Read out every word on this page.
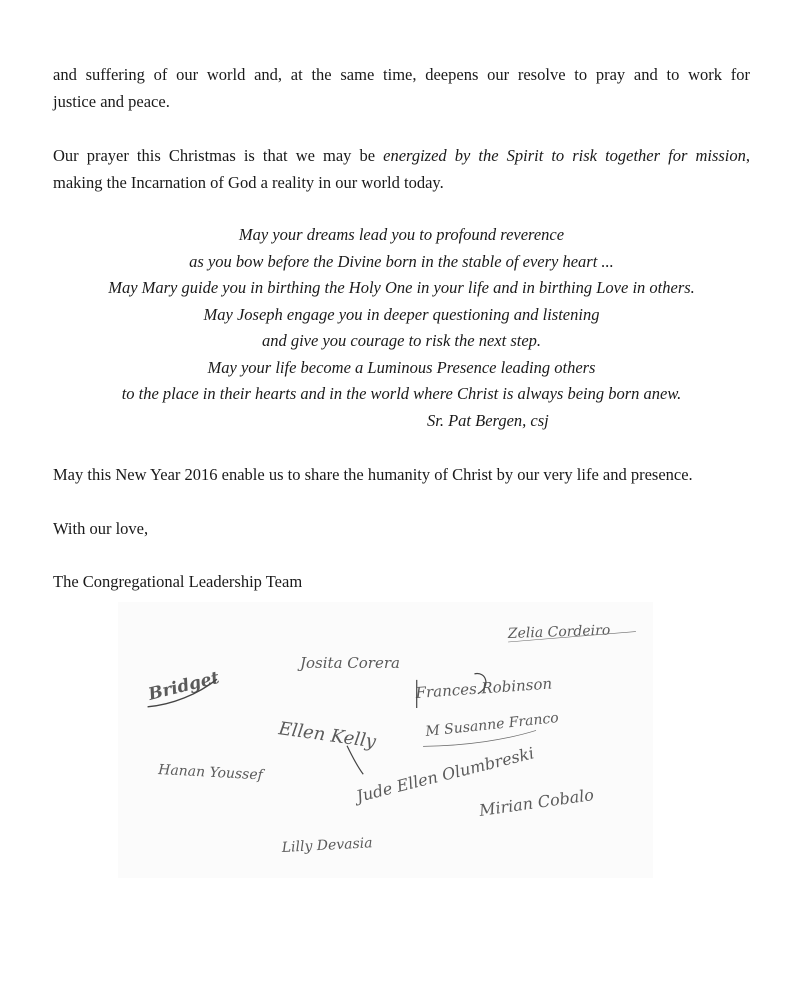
and suffering of our world and, at the same time, deepens our resolve to pray and to work for
justice and peace.

Our prayer this Christmas is that we may be energized by the Spirit to risk together for mission,
making the Incarnation of God a reality in our world today.

May your dreams lead you to profound reverence
as you bow before the Divine born in the stable of every heart ...
May Mary guide you in birthing the Holy One in your life and in birthing Love in others.
May Joseph engage you in deeper questioning and listening
and give you courage to risk the next step.
May your life become a Luminous Presence leading others
to the place in their hearts and in the world where Christ is always being born anew.
Sr. Pat Bergen, csj

May this New Year 2016 enable us to share the humanity of Christ by our very life and presence.

With our love,

The Congregational Leadership Team

Zelia Cordeiro
Josita Corera
Bridget	Frances Robinson
Ellen Kelly	M Susanne Franco
Hanan Youssef	Jude Ellen Olumbreski
Mirian Cobalo
Lilly Devasia
